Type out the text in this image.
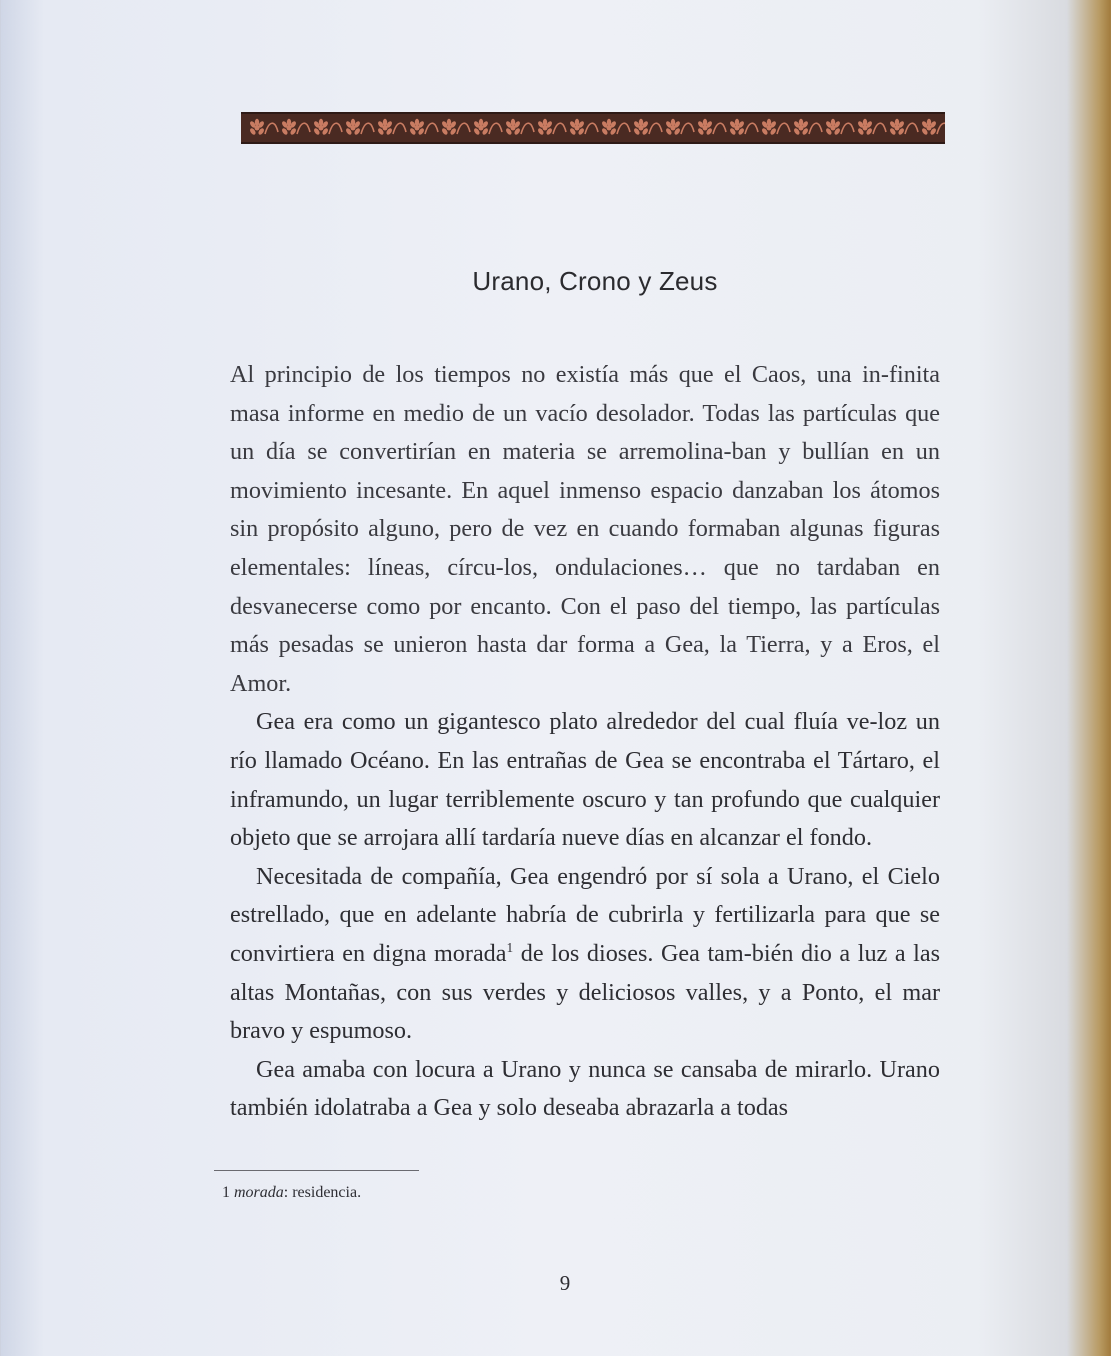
Urano, Crono y Zeus

Al principio de los tiempos no existía más que el Caos, una in-finita masa informe en medio de un vacío desolador. Todas las partículas que un día se convertirían en materia se arremolina-ban y bullían en un movimiento incesante. En aquel inmenso espacio danzaban los átomos sin propósito alguno, pero de vez en cuando formaban algunas figuras elementales: líneas, círcu-los, ondulaciones… que no tardaban en desvanecerse como por encanto. Con el paso del tiempo, las partículas más pesadas se unieron hasta dar forma a Gea, la Tierra, y a Eros, el Amor.

Gea era como un gigantesco plato alrededor del cual fluía ve-loz un río llamado Océano. En las entrañas de Gea se encontraba el Tártaro, el inframundo, un lugar terriblemente oscuro y tan profundo que cualquier objeto que se arrojara allí tardaría nueve días en alcanzar el fondo.

Necesitada de compañía, Gea engendró por sí sola a Urano, el Cielo estrellado, que en adelante habría de cubrirla y fertilizarla para que se convirtiera en digna morada$^1$ de los dioses. Gea tam-bién dio a luz a las altas Montañas, con sus verdes y deliciosos valles, y a Ponto, el mar bravo y espumoso.

Gea amaba con locura a Urano y nunca se cansaba de mirarlo. Urano también idolatraba a Gea y solo deseaba abrazarla a todas

1 morada: residencia.
9
